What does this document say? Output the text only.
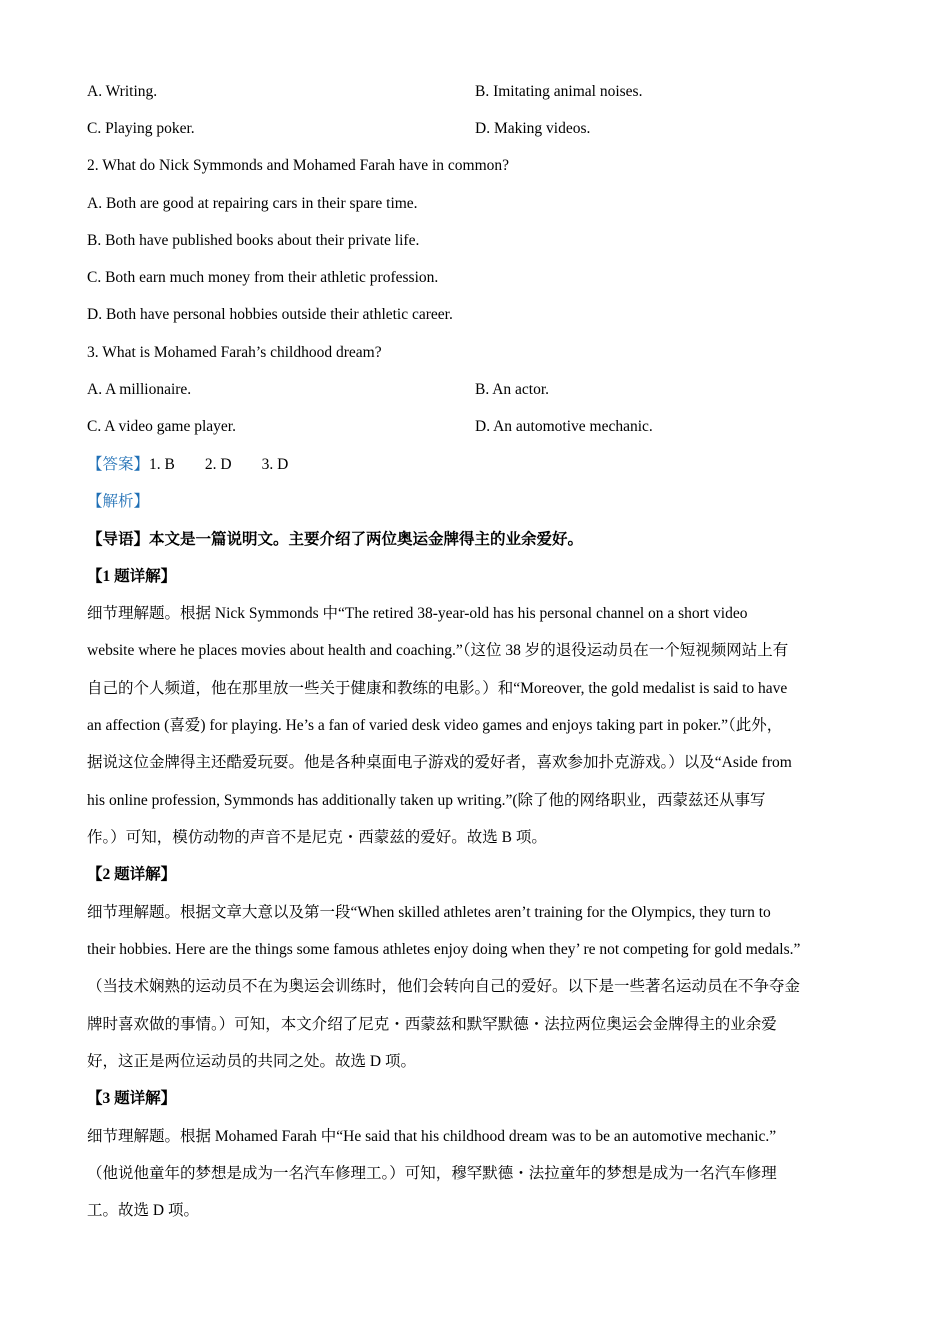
A. Writing.	B. Imitating animal noises.
C. Playing poker.	D. Making videos.
2. What do Nick Symmonds and Mohamed Farah have in common?
A. Both are good at repairing cars in their spare time.
B. Both have published books about their private life.
C. Both earn much money from their athletic profession.
D. Both have personal hobbies outside their athletic career.
3. What is Mohamed Farah’s childhood dream?
A. A millionaire.	B. An actor.
C. A video game player.	D. An automotive mechanic.
【答案】1. B 2. D 3. D
【解析】
【导语】本文是一篇说明文。主要介绍了两位奥运金牌得主的业余爱好。
【1 题详解】
细节理解题。根据 Nick Symmonds 中“The retired 38-year-old has his personal channel on a short video
website where he places movies about health and coaching.”（这位 38 岁的退役运动员在一个短视频网站上有
自己的个人频道，他在那里放一些关于健康和教练的电影。）和“Moreover, the gold medalist is said to have
an affection (喜爱) for playing. He’s a fan of varied desk video games and enjoys taking part in poker.”（此外，
据说这位金牌得主还酷爱玩耍。他是各种桌面电子游戏的爱好者，喜欢参加扑克游戏。）以及“Aside from
his online profession, Symmonds has additionally taken up writing.”(除了他的网络职业，西蒙兹还从事写
作。）可知，模仿动物的声音不是尼克・西蒙兹的爱好。故选 B 项。
【2 题详解】
细节理解题。根据文章大意以及第一段“When skilled athletes aren’t training for the Olympics, they turn to
their hobbies. Here are the things some famous athletes enjoy doing when they’ re not competing for gold medals.”
（当技术娴熟的运动员不在为奥运会训练时，他们会转向自己的爱好。以下是一些著名运动员在不争夺金
牌时喜欢做的事情。）可知，本文介绍了尼克・西蒙兹和默罕默德・法拉两位奥运会金牌得主的业余爱
好，这正是两位运动员的共同之处。故选 D 项。
【3 题详解】
细节理解题。根据 Mohamed Farah 中“He said that his childhood dream was to be an automotive mechanic.”
（他说他童年的梦想是成为一名汽车修理工。）可知，穆罕默德・法拉童年的梦想是成为一名汽车修理
工。故选 D 项。
